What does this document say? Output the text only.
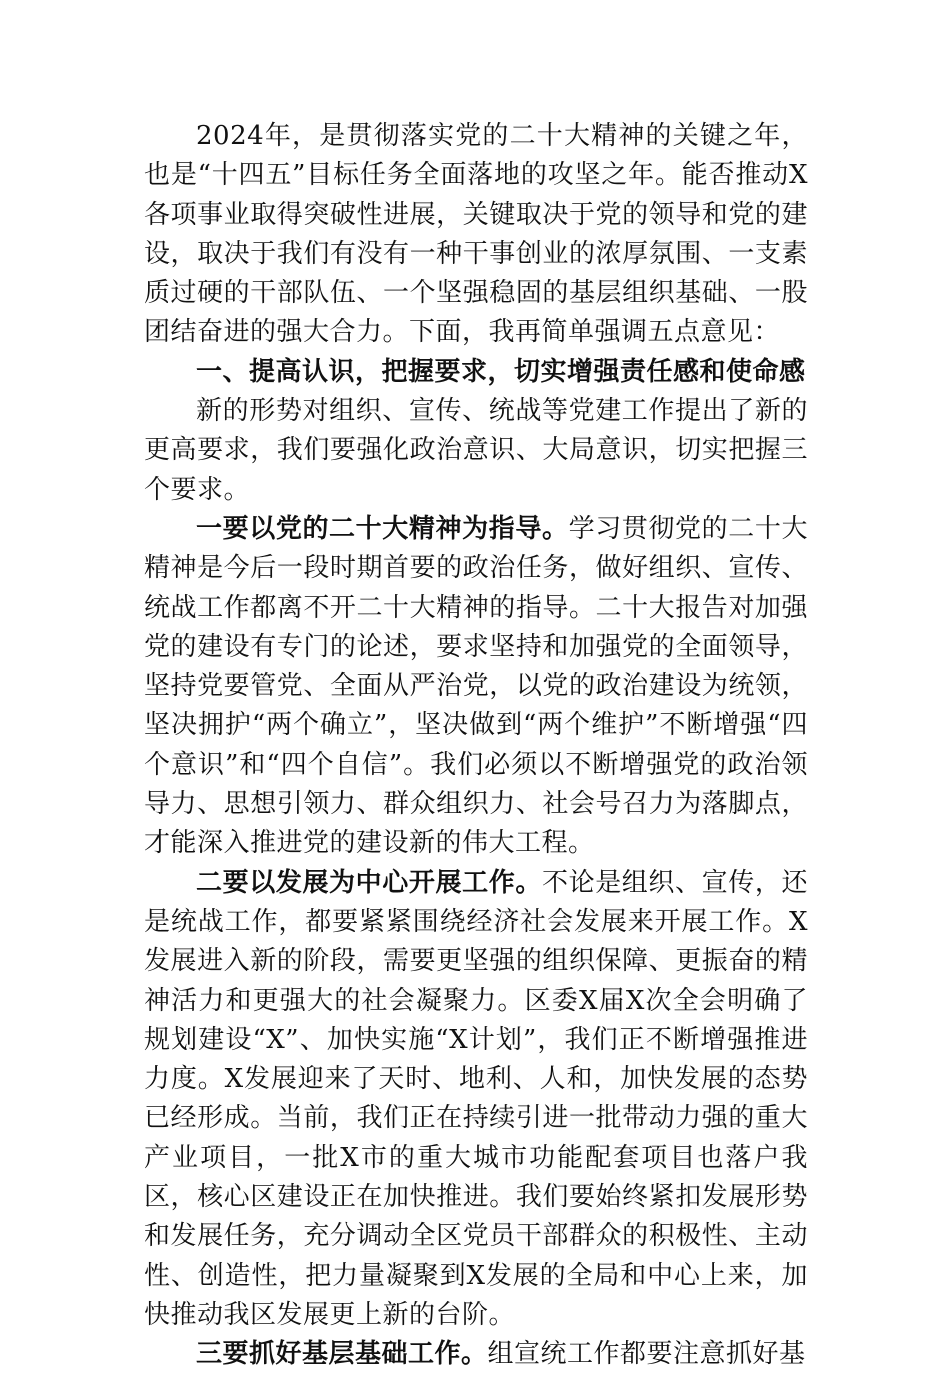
2024年，是贯彻落实党的二十大精神的关键之年，也是“十四五”目标任务全面落地的攻坚之年。能否推动X各项事业取得突破性进展，关键取决于党的领导和党的建设，取决于我们有没有一种干事创业的浓厚氛围、一支素质过硬的干部队伍、一个坚强稳固的基层组织基础、一股团结奋进的强大合力。下面，我再简单强调五点意见：

一、提高认识，把握要求，切实增强责任感和使命感

新的形势对组织、宣传、统战等党建工作提出了新的更高要求，我们要强化政治意识、大局意识，切实把握三个要求。

一要以党的二十大精神为指导。学习贯彻党的二十大精神是今后一段时期首要的政治任务，做好组织、宣传、统战工作都离不开二十大精神的指导。二十大报告对加强党的建设有专门的论述，要求坚持和加强党的全面领导，坚持党要管党、全面从严治党，以党的政治建设为统领，坚决拥护“两个确立”，坚决做到“两个维护”不断增强“四个意识”和“四个自信”。我们必须以不断增强党的政治领导力、思想引领力、群众组织力、社会号召力为落脚点，才能深入推进党的建设新的伟大工程。

二要以发展为中心开展工作。不论是组织、宣传，还是统战工作，都要紧紧围绕经济社会发展来开展工作。X发展进入新的阶段，需要更坚强的组织保障、更振奋的精神活力和更强大的社会凝聚力。区委X届X次全会明确了规划建设“X”、加快实施“X计划”，我们正不断增强推进力度。X发展迎来了天时、地利、人和，加快发展的态势已经形成。当前，我们正在持续引进一批带动力强的重大产业项目，一批X市的重大城市功能配套项目也落户我区，核心区建设正在加快推进。我们要始终紧扣发展形势和发展任务，充分调动全区党员干部群众的积极性、主动性、创造性，把力量凝聚到X发展的全局和中心上来，加快推动我区发展更上新的台阶。

三要抓好基层基础工作。组宣统工作都要注意抓好基
